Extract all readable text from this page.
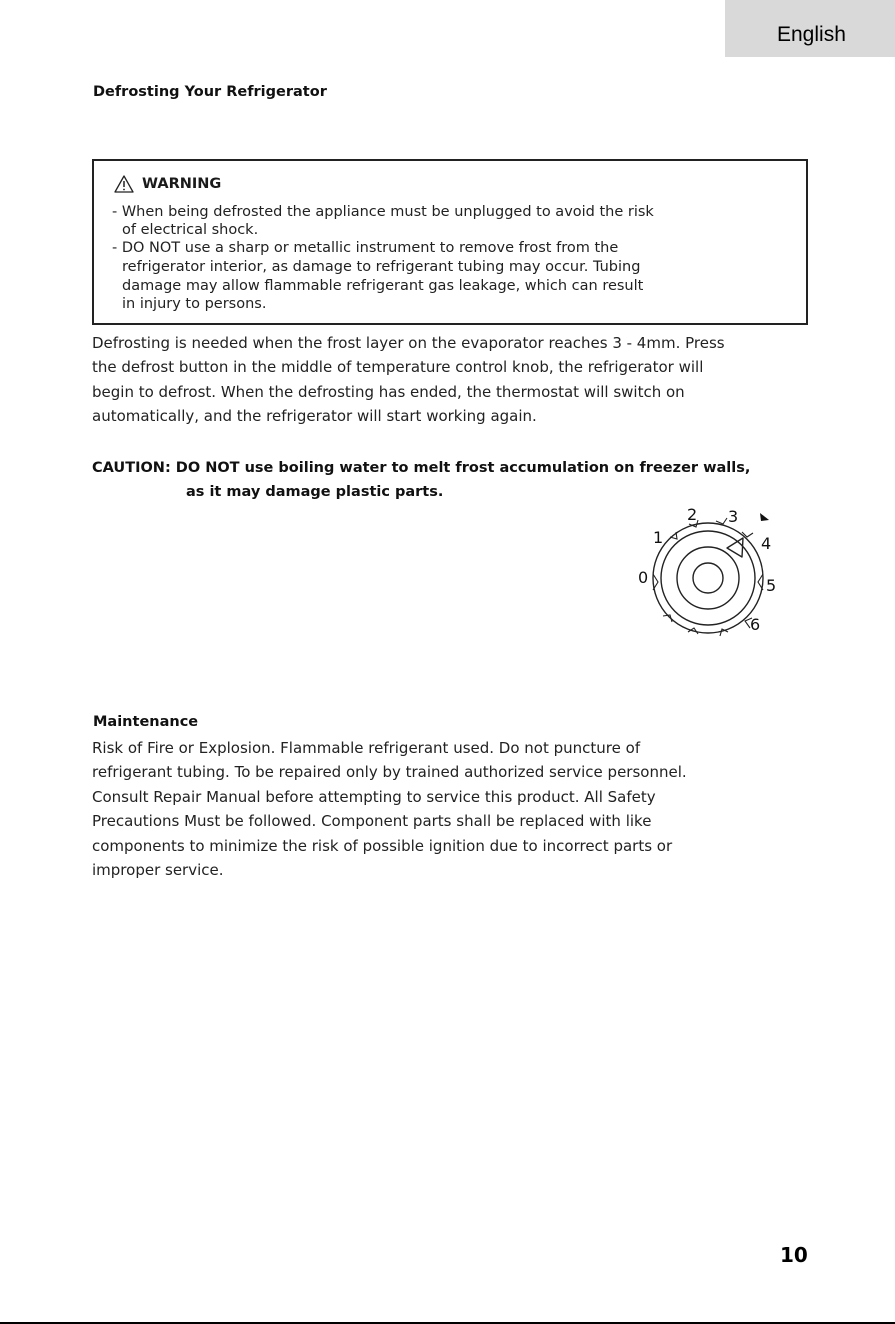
English
Defrosting Your Refrigerator
WARNING
- When being defrosted the appliance must be unplugged to avoid the risk
of electrical shock.
- DO NOT use a sharp or metallic instrument to remove frost from the
refrigerator interior, as damage to refrigerant tubing may occur. Tubing
damage may allow flammable refrigerant gas leakage, which can result
in injury to persons.
Defrosting is needed when the frost layer on the evaporator reaches 3 - 4mm. Press
the defrost button in the middle of temperature control knob, the refrigerator will
begin to defrost. When the defrosting has ended, the thermostat will switch on
automatically, and the refrigerator will start working again.
CAUTION: DO NOT use boiling water to melt frost accumulation on freezer walls,
as it may damage plastic parts.
0
1
2 3
4
5
6
Maintenance
Risk of Fire or Explosion. Flammable refrigerant used. Do not puncture of
refrigerant tubing. To be repaired only by trained authorized service personnel.
Consult Repair Manual before attempting to service this product. All Safety
Precautions Must be followed. Component parts shall be replaced with like
components to minimize the risk of possible ignition due to incorrect parts or
improper service.
10
